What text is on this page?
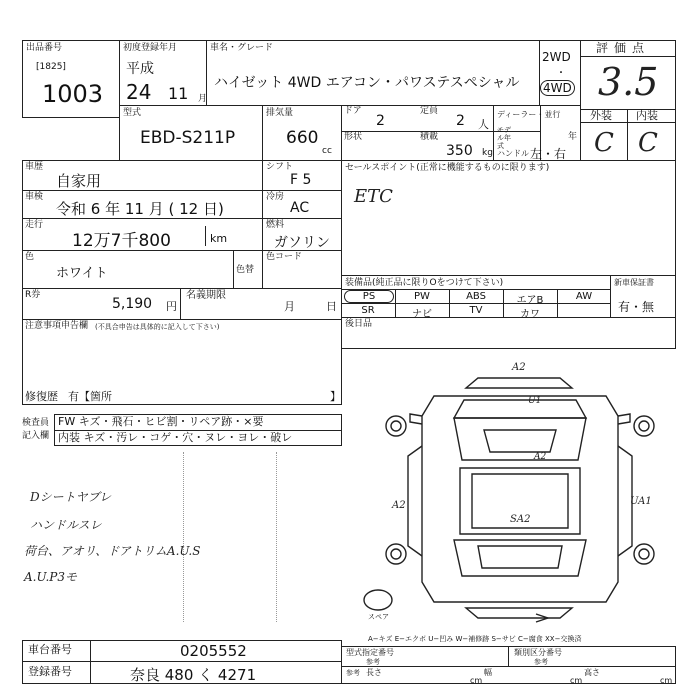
出品番号
[1825]
1003
初度登録年月
平成
24 11 月
車名・グレード
ハイゼット 4WD エアコン・パワステスペシャル
2WD
・
4WD
評価点
3.5
型式
EBD-S211P
排気量
660
cc
ドア
2
定員
2 人
形状	積載
350 kg
ディーラー・並行
モデル年式
年
ハンドル 左・右
外装 内装
C C
車歴
自家用
車検
令和 6 年 11 月 ( 12 日)
走行
12万7千800	km
シフト
F 5
冷房
AC
燃料
ガソリン
色
ホワイト	色替
色コード
R券
5,190 円
名義期限
月	日
注意事項申告欄 (不具合申告は具体的に記入して下さい)
修復歴 有【箇所	】
セールスポイント(正常に機能するものに限ります)
ETC
装備品 (純正品に限りOをつけて下さい)	新車保証書
有・無
PS	PW	ABS	エアB	AW
SR	ナビ	TV	カワ
後日品
検査員
記入欄
FW キズ・飛石・ヒビ割・リペア跡・×要
内装 キズ・汚レ・コゲ・穴・ヌレ・ヨレ・破レ
Dシートヤブレ
ハンドルスレ
荷台、アオリ、ドアトリムA.U.S
A.U.P3モ
A2
U1
A2
A2	UA1
SA2
スペア
A−キズ E−エクボ U−凹み W−補修跡 S−サビ C−腐食 XX−交換済
車台番号	0205552
登録番号	奈良 480 く 4271
型式指定番号
参考
類別区分番号
参考
参考 長さ
cm
幅
cm
高さ
cm
